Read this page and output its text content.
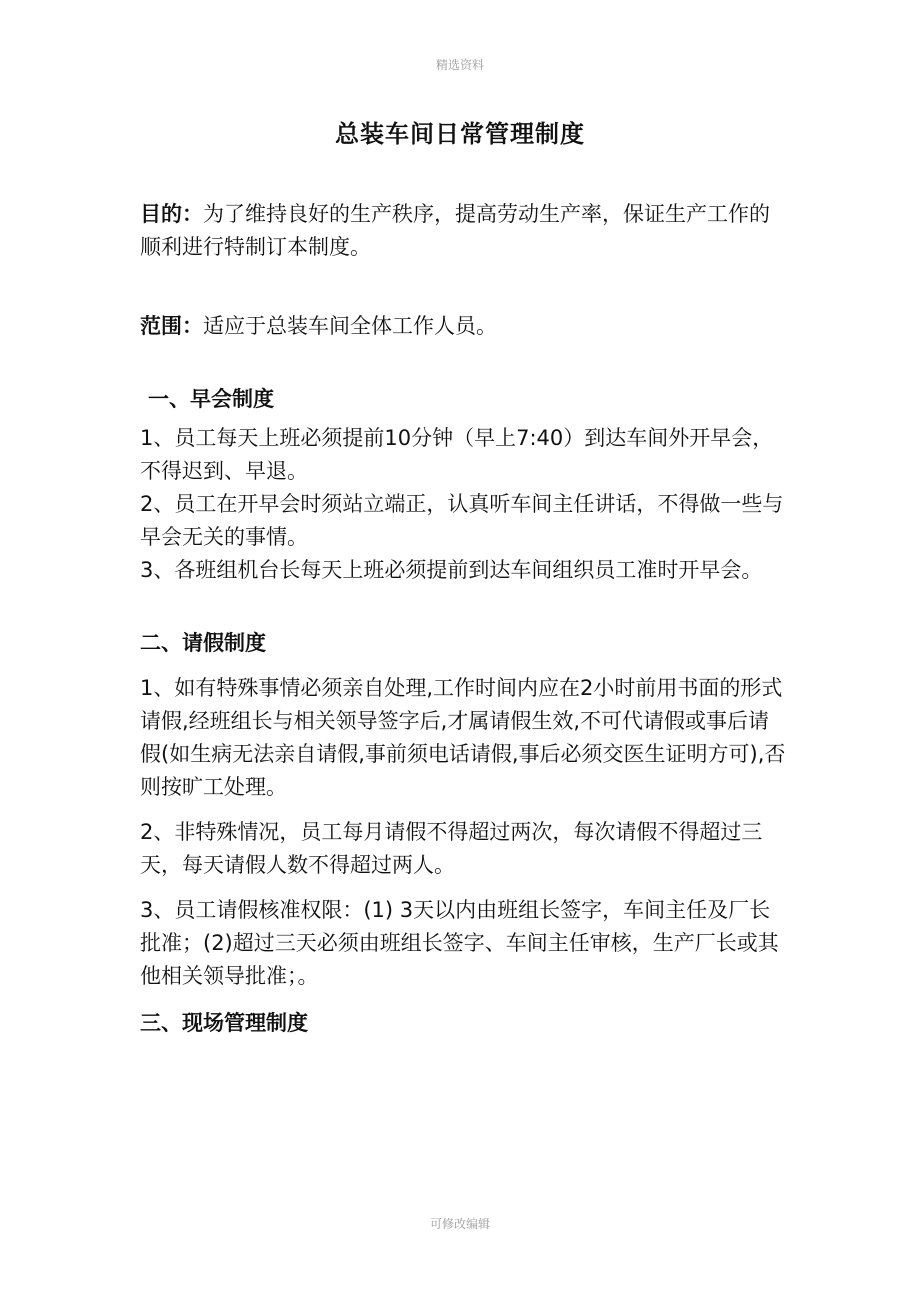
精选资料
总装车间日常管理制度

目的：为了维持良好的生产秩序，提高劳动生产率，保证生产工作的顺利进行特制订本制度。

范围：适应于总装车间全体工作人员。

一、早会制度

1、员工每天上班必须提前10分钟（早上7:40）到达车间外开早会，不得迟到、早退。

2、员工在开早会时须站立端正，认真听车间主任讲话，不得做一些与早会无关的事情。

3、各班组机台长每天上班必须提前到达车间组织员工准时开早会。

二、请假制度

1、如有特殊事情必须亲自处理,工作时间内应在2小时前用书面的形式请假,经班组长与相关领导签字后,才属请假生效,不可代请假或事后请假(如生病无法亲自请假,事前须电话请假,事后必须交医生证明方可),否则按旷工处理。

2、非特殊情况，员工每月请假不得超过两次，每次请假不得超过三天，每天请假人数不得超过两人。

3、员工请假核准权限：(1) 3天以内由班组长签字，车间主任及厂长批准；(2)超过三天必须由班组长签字、车间主任审核，生产厂长或其他相关领导批准；。

三、现场管理制度
可修改编辑
